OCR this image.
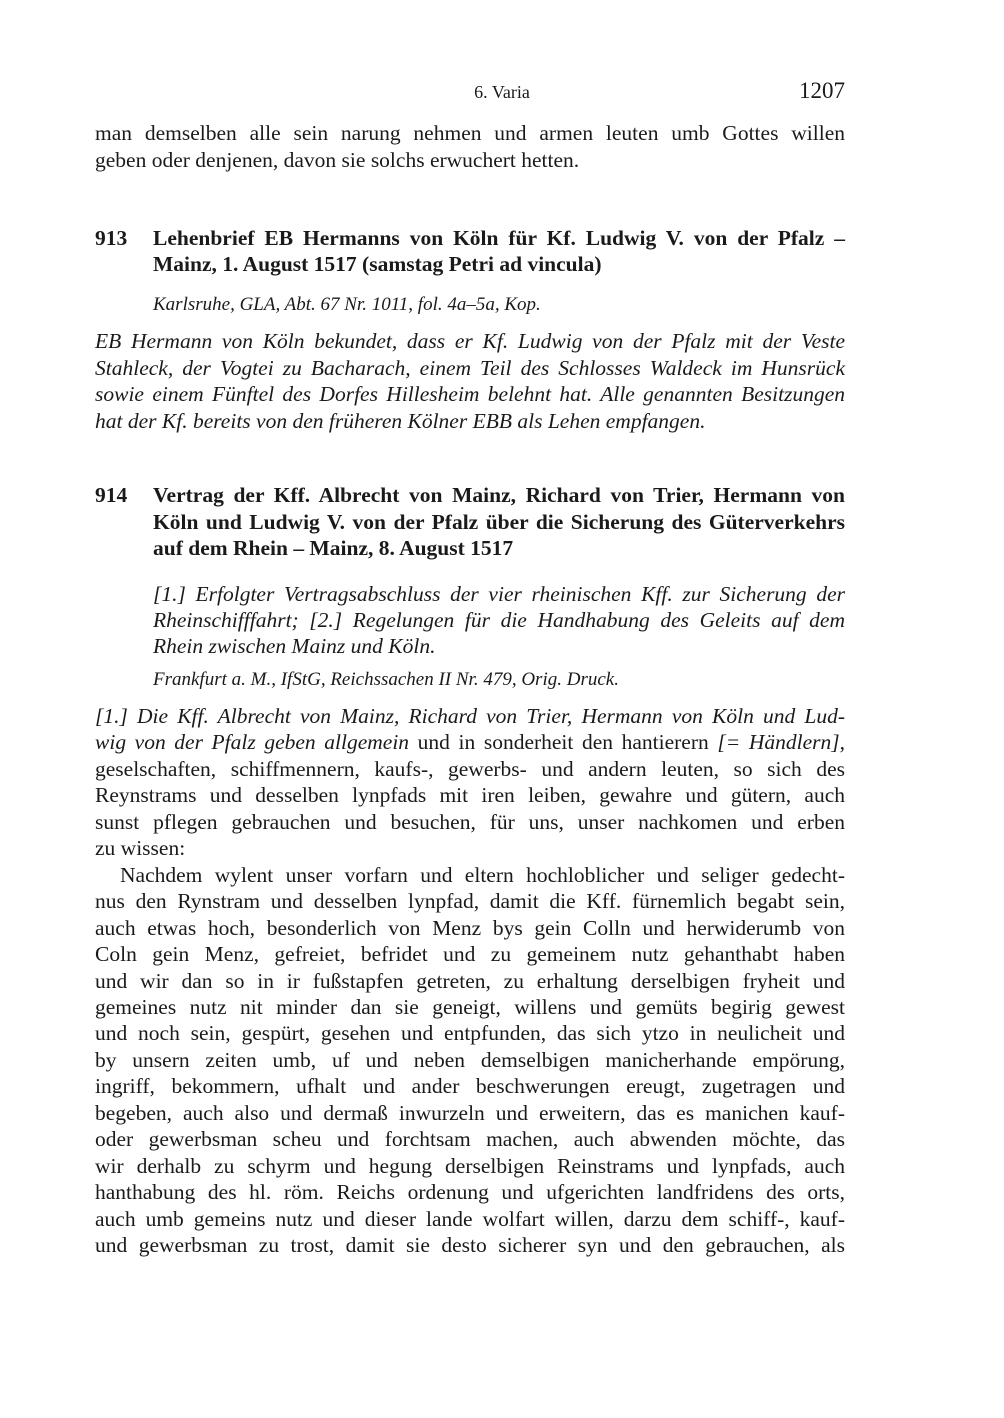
6. Varia	1207
man demselben alle sein narung nehmen und armen leuten umb Gottes willen
geben oder denjenen, davon sie solchs erwuchert hetten.
913 Lehenbrief EB Hermanns von Köln für Kf. Ludwig V. von der Pfalz –
Mainz, 1. August 1517 (samstag Petri ad vincula)
Karlsruhe, GLA, Abt. 67 Nr. 1011, fol. 4a–5a, Kop.
EB Hermann von Köln bekundet, dass er Kf. Ludwig von der Pfalz mit der Veste
Stahleck, der Vogtei zu Bacharach, einem Teil des Schlosses Waldeck im Hunsrück
sowie einem Fünftel des Dorfes Hillesheim belehnt hat. Alle genannten Besitzungen
hat der Kf. bereits von den früheren Kölner EBB als Lehen empfangen.
914 Vertrag der Kff. Albrecht von Mainz, Richard von Trier, Hermann von
Köln und Ludwig V. von der Pfalz über die Sicherung des Güterverkehrs
auf dem Rhein – Mainz, 8. August 1517
[1.] Erfolgter Vertragsabschluss der vier rheinischen Kff. zur Sicherung der
Rheinschifffahrt; [2.] Regelungen für die Handhabung des Geleits auf dem
Rhein zwischen Mainz und Köln.
Frankfurt a. M., IfStG, Reichssachen II Nr. 479, Orig. Druck.
[1.] Die Kff. Albrecht von Mainz, Richard von Trier, Hermann von Köln und Lud-
wig von der Pfalz geben allgemein und in sonderheit den hantierern [= Händlern],
geselschaften, schiffmennern, kaufs-, gewerbs- und andern leuten, so sich des
Reynstrams und desselben lynpfads mit iren leiben, gewahre und gütern, auch
sunst pflegen gebrauchen und besuchen, für uns, unser nachkomen und erben
zu wissen:
Nachdem wylent unser vorfarn und eltern hochloblicher und seliger gedecht-
nus den Rynstram und desselben lynpfad, damit die Kff. fürnemlich begabt sein,
auch etwas hoch, besonderlich von Menz bys gein Colln und herwiderumb von
Coln gein Menz, gefreiet, befridet und zu gemeinem nutz gehanthabt haben
und wir dan so in ir fußstapfen getreten, zu erhaltung derselbigen fryheit und
gemeines nutz nit minder dan sie geneigt, willens und gemüts begirig gewest
und noch sein, gespürt, gesehen und entpfunden, das sich ytzo in neulicheit und
by unsern zeiten umb, uf und neben demselbigen manicherhande empörung,
ingriff, bekommern, ufhalt und ander beschwerungen ereugt, zugetragen und
begeben, auch also und dermaß inwurzeln und erweitern, das es manichen kauf-
oder gewerbsman scheu und forchtsam machen, auch abwenden möchte, das
wir derhalb zu schyrm und hegung derselbigen Reinstrams und lynpfads, auch
hanthabung des hl. röm. Reichs ordenung und ufgerichten landfridens des orts,
auch umb gemeins nutz und dieser lande wolfart willen, darzu dem schiff-, kauf-
und gewerbsman zu trost, damit sie desto sicherer syn und den gebrauchen, als
